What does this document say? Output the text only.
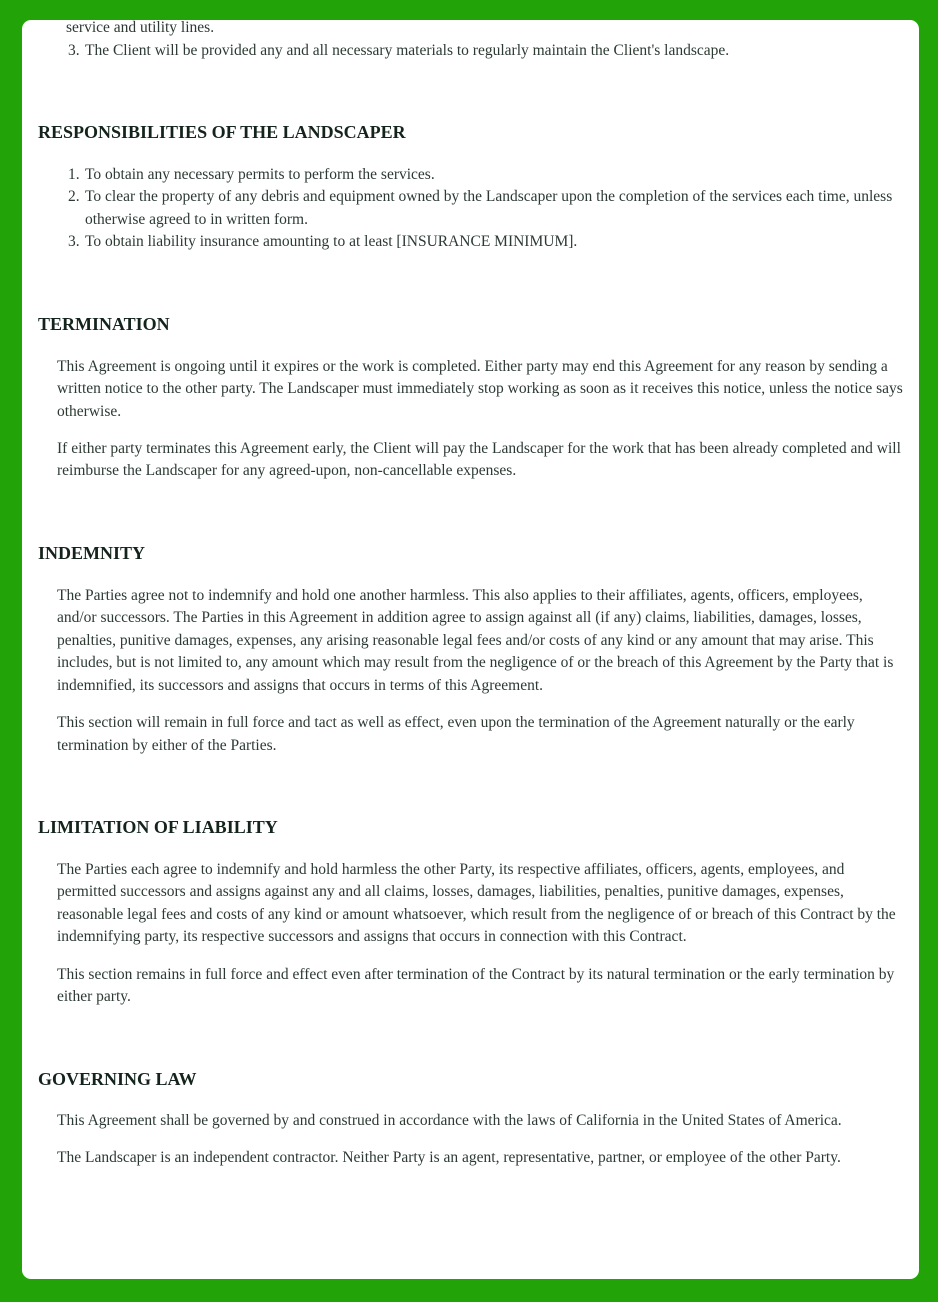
service and utility lines.
The Client will be provided any and all necessary materials to regularly maintain the Client's landscape.
RESPONSIBILITIES OF THE LANDSCAPER
To obtain any necessary permits to perform the services.
To clear the property of any debris and equipment owned by the Landscaper upon the completion of the services each time, unless otherwise agreed to in written form.
To obtain liability insurance amounting to at least [INSURANCE MINIMUM].
TERMINATION

This Agreement is ongoing until it expires or the work is completed. Either party may end this Agreement for any reason by sending a written notice to the other party. The Landscaper must immediately stop working as soon as it receives this notice, unless the notice says otherwise.

If either party terminates this Agreement early, the Client will pay the Landscaper for the work that has been already completed and will reimburse the Landscaper for any agreed-upon, non-cancellable expenses.

INDEMNITY

The Parties agree not to indemnify and hold one another harmless. This also applies to their affiliates, agents, officers, employees, and/or successors. The Parties in this Agreement in addition agree to assign against all (if any) claims, liabilities, damages, losses, penalties, punitive damages, expenses, any arising reasonable legal fees and/or costs of any kind or any amount that may arise. This includes, but is not limited to, any amount which may result from the negligence of or the breach of this Agreement by the Party that is indemnified, its successors and assigns that occurs in terms of this Agreement.

This section will remain in full force and tact as well as effect, even upon the termination of the Agreement naturally or the early termination by either of the Parties.

LIMITATION OF LIABILITY

The Parties each agree to indemnify and hold harmless the other Party, its respective affiliates, officers, agents, employees, and permitted successors and assigns against any and all claims, losses, damages, liabilities, penalties, punitive damages, expenses, reasonable legal fees and costs of any kind or amount whatsoever, which result from the negligence of or breach of this Contract by the indemnifying party, its respective successors and assigns that occurs in connection with this Contract.

This section remains in full force and effect even after termination of the Contract by its natural termination or the early termination by either party.

GOVERNING LAW

This Agreement shall be governed by and construed in accordance with the laws of California in the United States of America.

The Landscaper is an independent contractor. Neither Party is an agent, representative, partner, or employee of the other Party.
